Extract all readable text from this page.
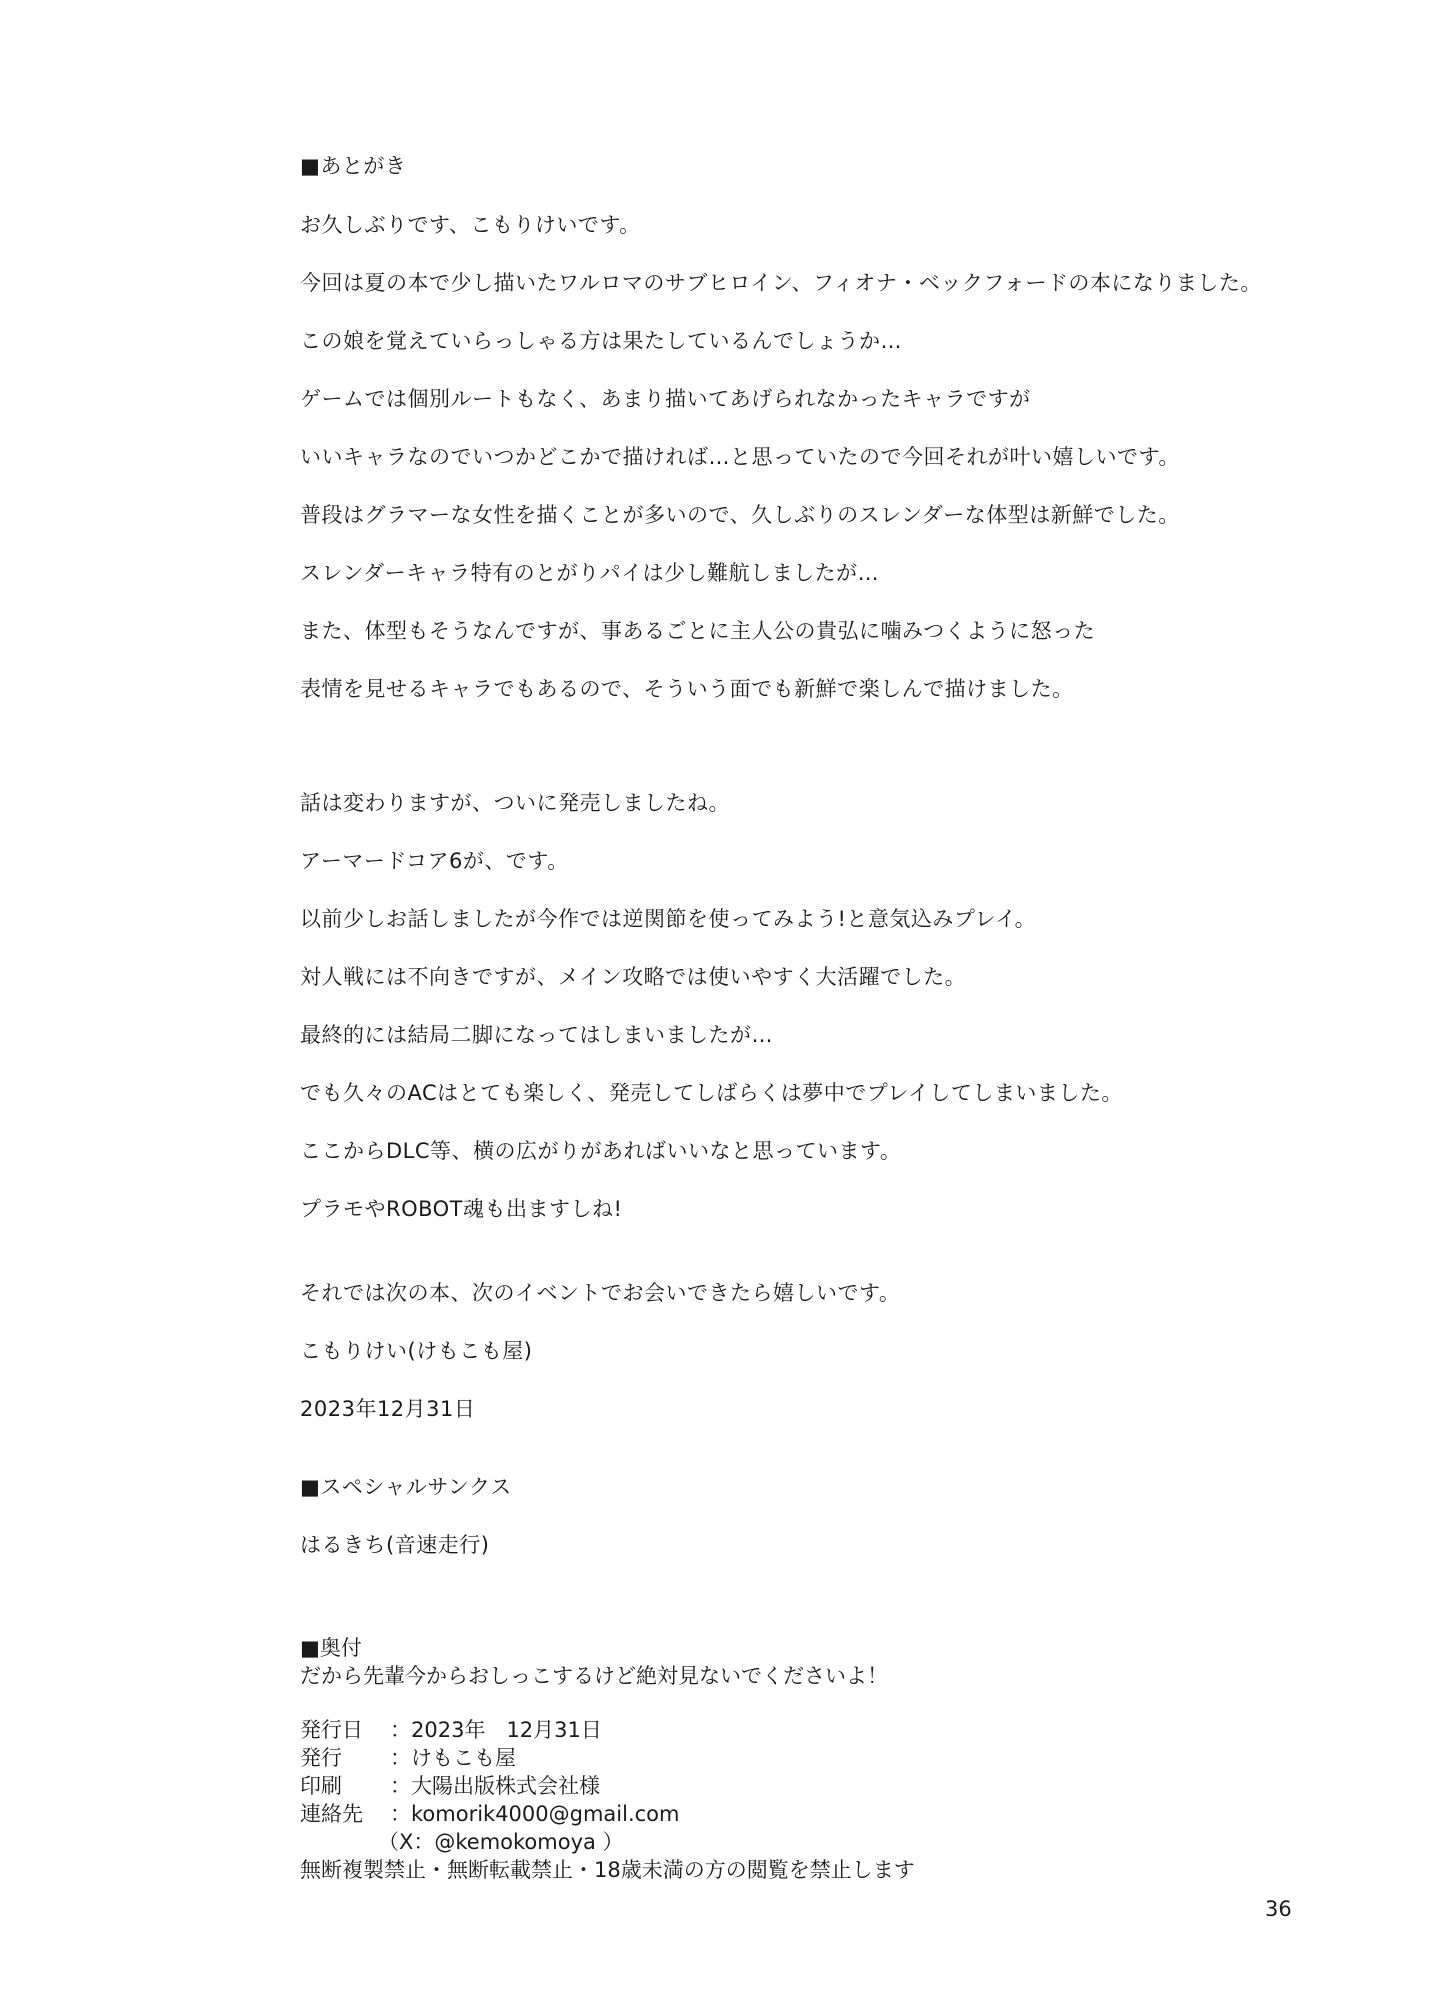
■あとがき

お久しぶりです、こもりけいです。

今回は夏の本で少し描いたワルロマのサブヒロイン、フィオナ・ベックフォードの本になりました。

この娘を覚えていらっしゃる方は果たしているんでしょうか…

ゲームでは個別ルートもなく、あまり描いてあげられなかったキャラですが

いいキャラなのでいつかどこかで描ければ…と思っていたので今回それが叶い嬉しいです。

普段はグラマーな女性を描くことが多いので、久しぶりのスレンダーな体型は新鮮でした。

スレンダーキャラ特有のとがりパイは少し難航しましたが…

また、体型もそうなんですが、事あるごとに主人公の貴弘に噛みつくように怒った

表情を見せるキャラでもあるので、そういう面でも新鮮で楽しんで描けました。

話は変わりますが、ついに発売しましたね。

アーマードコア6が、です。

以前少しお話しましたが今作では逆関節を使ってみよう!と意気込みプレイ。

対人戦には不向きですが、メイン攻略では使いやすく大活躍でした。

最終的には結局二脚になってはしまいましたが…

でも久々のACはとても楽しく、発売してしばらくは夢中でプレイしてしまいました。

ここからDLC等、横の広がりがあればいいなと思っています。

プラモやROBOT魂も出ますしね!

それでは次の本、次のイベントでお会いできたら嬉しいです。

こもりけい(けもこも屋)

2023年12月31日

■スペシャルサンクス

はるきち(音速走行)

■奥付

だから先輩今からおしっこするけど絶対見ないでくださいよ！

発行日 ：2023年　12月31日

発行 ：けもこも屋

印刷 ：大陽出版株式会社様

連絡先 ：komorik4000@gmail.com

（X：@kemokomoya ）

無断複製禁止・無断転載禁止・18歳未満の方の閲覧を禁止します

36
